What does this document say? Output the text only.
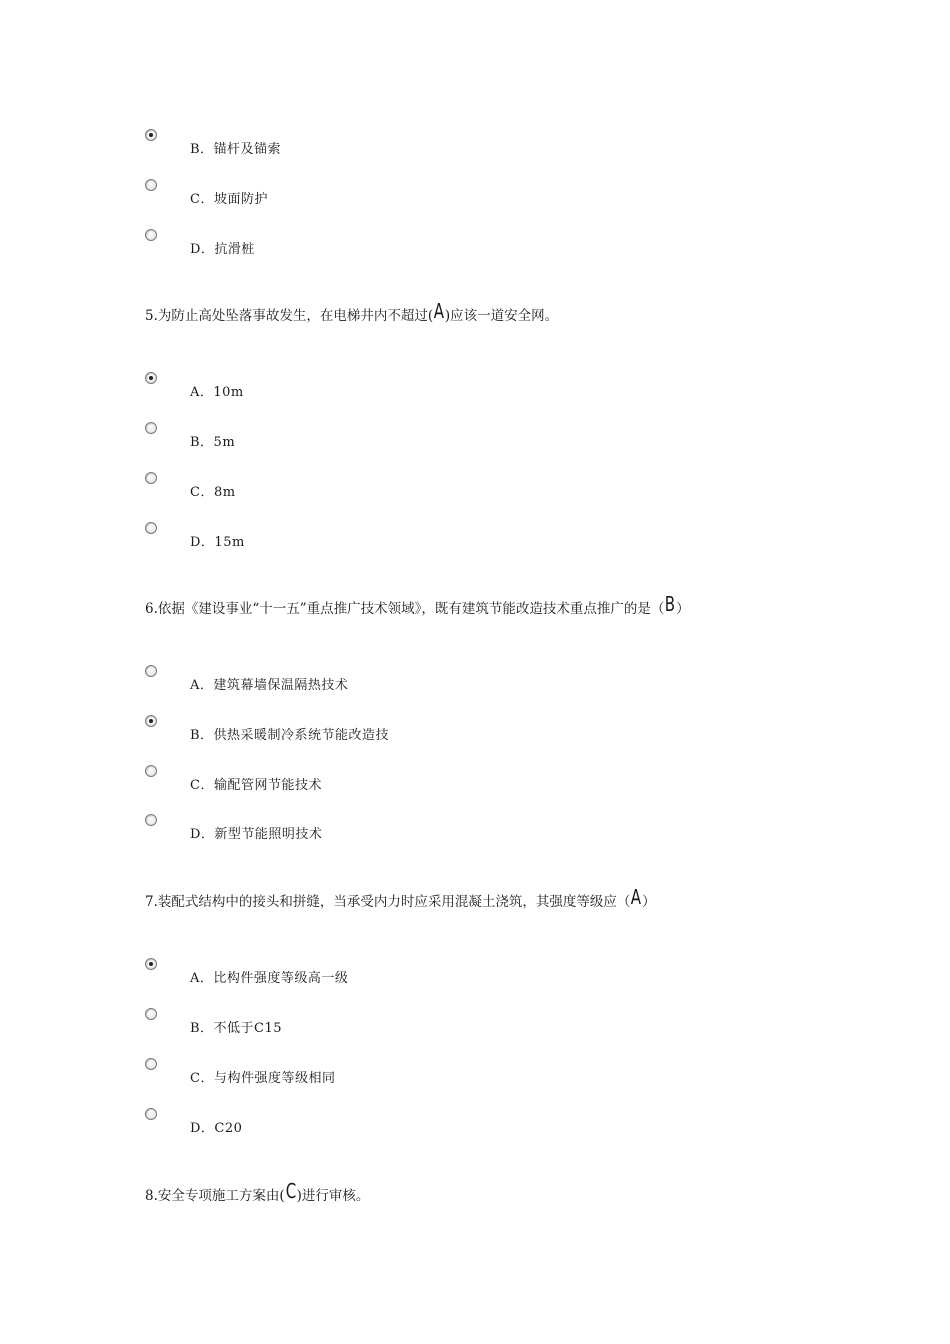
B．锚杆及锚索
C．坡面防护
D．抗滑桩
5.为防止高处坠落事故发生，在电梯井内不超过(A)应该一道安全网。
A．10m
B．5m
C．8m
D．15m
6.依据《建设事业“十一五”重点推广技术领域》，既有建筑节能改造技术重点推广的是（B）
A．建筑幕墙保温隔热技术
B．供热采暖制冷系统节能改造技
C．输配管网节能技术
D．新型节能照明技术
7.装配式结构中的接头和拼缝，当承受内力时应采用混凝土浇筑，其强度等级应（A）
A．比构件强度等级高一级
B．不低于C15
C．与构件强度等级相同
D．C20
8.安全专项施工方案由(C)进行审核。
